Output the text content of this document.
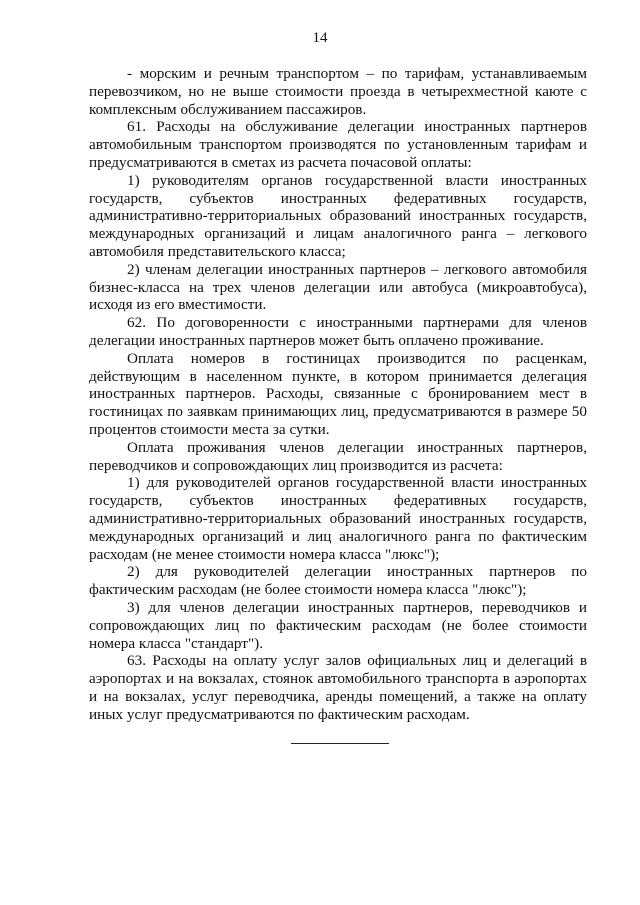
14

- морским и речным транспортом – по тарифам, устанавливаемым перевозчиком, но не выше стоимости проезда в четырехместной каюте с комплексным обслуживанием пассажиров.

61. Расходы на обслуживание делегации иностранных партнеров автомобильным транспортом производятся по установленным тарифам и предусматриваются в сметах из расчета почасовой оплаты:

1) руководителям органов государственной власти иностранных государств, субъектов иностранных федеративных государств, административно-территориальных образований иностранных государств, международных организаций и лицам аналогичного ранга – легкового автомобиля представительского класса;

2) членам делегации иностранных партнеров – легкового автомобиля бизнес-класса на трех членов делегации или автобуса (микроавтобуса), исходя из его вместимости.

62. По договоренности с иностранными партнерами для членов делегации иностранных партнеров может быть оплачено проживание.

Оплата номеров в гостиницах производится по расценкам, действующим в населенном пункте, в котором принимается делегация иностранных партнеров. Расходы, связанные с бронированием мест в гостиницах по заявкам принимающих лиц, предусматриваются в размере 50 процентов стоимости места за сутки.

Оплата проживания членов делегации иностранных партнеров, переводчиков и сопровождающих лиц производится из расчета:

1) для руководителей органов государственной власти иностранных государств, субъектов иностранных федеративных государств, административно-территориальных образований иностранных государств, международных организаций и лиц аналогичного ранга по фактическим расходам (не менее стоимости номера класса "люкс");

2) для руководителей делегации иностранных партнеров по фактическим расходам (не более стоимости номера класса "люкс");

3) для членов делегации иностранных партнеров, переводчиков и сопровождающих лиц по фактическим расходам (не более стоимости номера класса "стандарт").

63. Расходы на оплату услуг залов официальных лиц и делегаций в аэропортах и на вокзалах, стоянок автомобильного транспорта в аэропортах и на вокзалах, услуг переводчика, аренды помещений, а также на оплату иных услуг предусматриваются по фактическим расходам.
